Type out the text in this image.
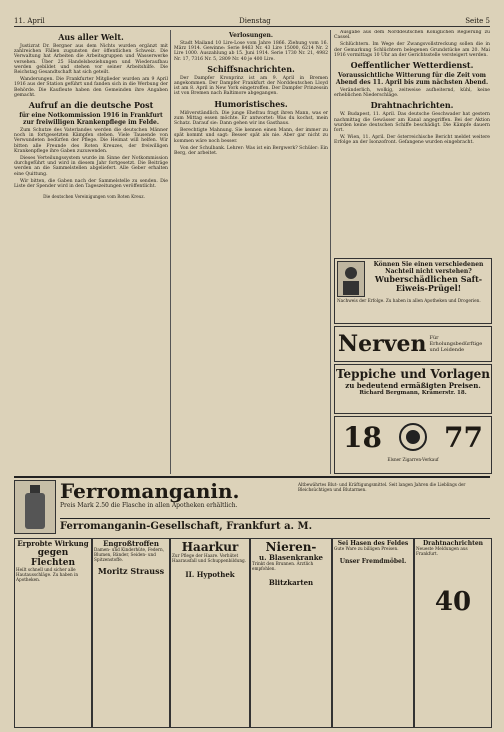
11. April	Dienstag	Seite 5
Aus aller Welt.

Justizrat Dr. Bergner aus dem Nichts wurden ergänzt mit zahlreichen Fällen zugunsten der öffentlichen Schweiz. Die Verwaltung hat Arbeiten die Arbeitsgruppen und Wasserwerke versehen. Über 25 Handelsbeziehungen und Wiederaufbau werden gebildet und stehen vor seiner Arbeitshilfe. Die Reichstag Gesandtschaft hat sich geteilt.

Wanderungen. Die Frankfurter Mitglieder wurden am 9 April 1916 aus der Station geführt und fanden sich in die Werbung der Behörde. Die Kaufleute haben den Gemeinden ihre Angaben gemacht.

Aufruf an die deutsche Post
für eine Notkommission 1916 in Frankfurt zur freiwilligen Krankenpflege im Felde.

Zum Schutze des Vaterlandes werden die deutschen Männer noch in fortgesetzten Kämpfen stehen. Viele Tausende von Verwundeten bedürfen der Pflege. Die Heimat will helfen. Wir bitten alle Freunde des Roten Kreuzes, der freiwilligen Krankenpflege ihre Gaben zuzuwenden.

Dieses Verteilungssystem wurde im Sinne der Notkommission durchgeführt und wird in diesem Jahr fortgesetzt. Die Beiträge werden an die Sammelstellen abgeliefert. Alle Geber erhalten eine Quittung.

Wir bitten, die Gaben nach der Sammelstelle zu senden. Die Liste der Spender wird in den Tageszeitungen veröffentlicht.

Die deutschen Vereinigungen vom Roten Kreuz.

Verlosungen.

Stadt Mailand 10 Lire-Lose vom Jahre 1866. Ziehung vom 16. März 1914. Gewinne: Serie 8463 Nr. 43 Lire 15000, 6214 Nr. 2 Lire 1000. Auszahlung ab 15. Juni 1914. Serie 1730 Nr. 21, 4982 Nr. 17, 7316 Nr. 5, 2809 Nr. 40 je 400 Lire.

Schiffsnachrichten.

Der Dampfer Kronprinz ist am 9. April in Bremen angekommen. Der Dampfer Frankfurt der Norddeutschen Lloyd ist am 8. April in New York eingetroffen. Der Dampfer Prinzessin ist von Bremen nach Baltimore abgegangen.

Humoristisches.

Mißverständlich. Die junge Ehefrau fragt ihren Mann, was er zum Mittag essen möchte. Er antwortet: Was du kochst, mein Schatz. Darauf sie: Dann gehen wir ins Gasthaus.

Berechtigte Mahnung. Sie kennen einen Mann, der immer zu spät kommt und sagt: Besser spät als nie. Aber gar nicht zu kommen wäre noch besser.

Von der Schulbank. Lehrer: Was ist ein Bergwerk? Schüler: Ein Berg, der arbeitet.

Ausgabe aus dem Norddeutschen Königlichen Regierung zu Cassel.

Schlüchtern. Im Wege der Zwangsvollstreckung sollen die in der Gemarkung Schlüchtern belegenen Grundstücke am 20. Mai 1916 vormittags 10 Uhr an der Gerichtsstelle versteigert werden.

Oeffentlicher Wetterdienst.
Voraussichtliche Witterung für die Zeit vom Abend des 11. April bis zum nächsten Abend.

Veränderlich, wolkig, zeitweise aufheiternd, kühl, keine erheblichen Niederschläge.

Drahtnachrichten.

W. Budapest, 11. April. Das deutsche Geschwader hat gestern nachmittag die Gewässer am Kanal angegriffen. Bei der Aktion wurden keine deutschen Schiffe beschädigt. Die Kämpfe dauern fort.

W. Wien, 11. April. Der österreichische Bericht meldet weitere Erfolge an der Isonzofront. Gefangene wurden eingebracht.

Können Sie einen verschiedenen Nachteil nicht verstehen?
Wuberschädlichen Saft-Eiweis-Prügel!
Nachweis der Erfolge. Zu haben in allen Apotheken und Drogerien.
Nerven Für Erholungsbedürftige und Leidende
Teppiche und Vorlagen
zu bedeutend ermäßigten Preisen.
Richard Bergmann, Krämerstr. 18.
18 77
Elsner Zigarren-Verkauf
Ferromanganin.
Preis Mark 2.50 die Flasche in allen Apotheken erhältlich.
Altbewährtes Blut- und Kräftigungsmittel. Seit langen Jahren die Lieblings der Bleichsüchtigen und Blutarmen.
Ferromanganin-Gesellschaft, Frankfurt a. M.
Erprobte Wirkung
gegen Flechten
Heilt schnell und sicher alle Hautausschläge. Zu haben in Apotheken.
Engroßtroffen
Damen- und Kinderhüte, Federn, Blumen, Bänder, Seiden- und Spitzenstoffe.
Moritz Strauss
Haarkur
Zur Pflege der Haare. Verhütet Haarausfall und Schuppenbildung.
II. Hypothek
Nieren-
u. Blasenkranke
Trinkt den Brunnen. Ärztlich empfohlen.
Blitzkarten
Sei Hasen des Feldes
Gute Ware zu billigen Preisen.
Unser Fremdmöbel.
Drahtnachrichten
Neueste Meldungen aus Frankfurt.
40
